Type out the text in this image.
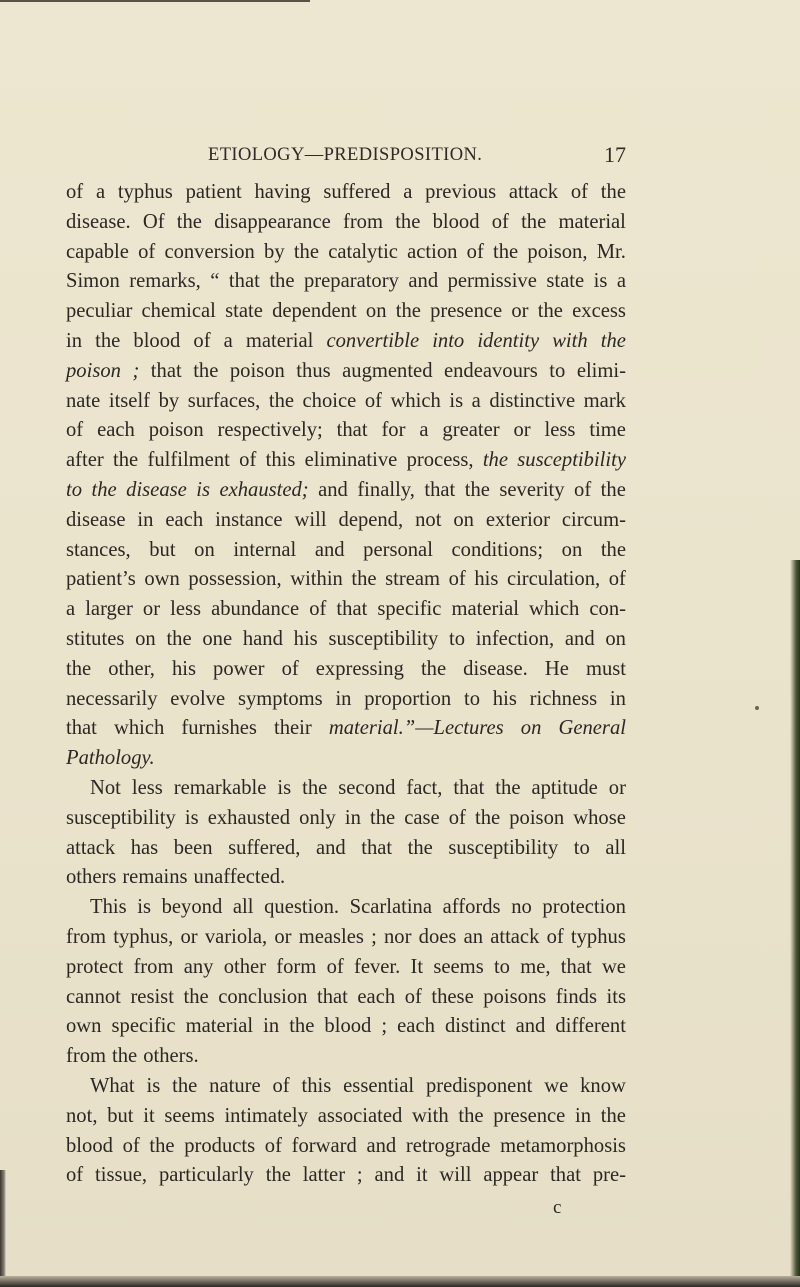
ETIOLOGY—PREDISPOSITION.	17
of a typhus patient having suffered a previous attack of the
disease. Of the disappearance from the blood of the material
capable of conversion by the catalytic action of the poison, Mr.
Simon remarks, “ that the preparatory and permissive state is a
peculiar chemical state dependent on the presence or the excess
in the blood of a material convertible into identity with the
poison ; that the poison thus augmented endeavours to elimi-
nate itself by surfaces, the choice of which is a distinctive mark
of each poison respectively; that for a greater or less time
after the fulfilment of this eliminative process, the susceptibility
to the disease is exhausted; and finally, that the severity of the
disease in each instance will depend, not on exterior circum-
stances, but on internal and personal conditions; on the
patient’s own possession, within the stream of his circulation, of
a larger or less abundance of that specific material which con-
stitutes on the one hand his susceptibility to infection, and on
the other, his power of expressing the disease. He must
necessarily evolve symptoms in proportion to his richness in
that which furnishes their material.”—Lectures on General
Pathology.
Not less remarkable is the second fact, that the aptitude or
susceptibility is exhausted only in the case of the poison whose
attack has been suffered, and that the susceptibility to all
others remains unaffected.
This is beyond all question. Scarlatina affords no protection
from typhus, or variola, or measles ; nor does an attack of typhus
protect from any other form of fever. It seems to me, that we
cannot resist the conclusion that each of these poisons finds its
own specific material in the blood ; each distinct and different
from the others.
What is the nature of this essential predisponent we know
not, but it seems intimately associated with the presence in the
blood of the products of forward and retrograde metamorphosis
of tissue, particularly the latter ; and it will appear that pre-
c
